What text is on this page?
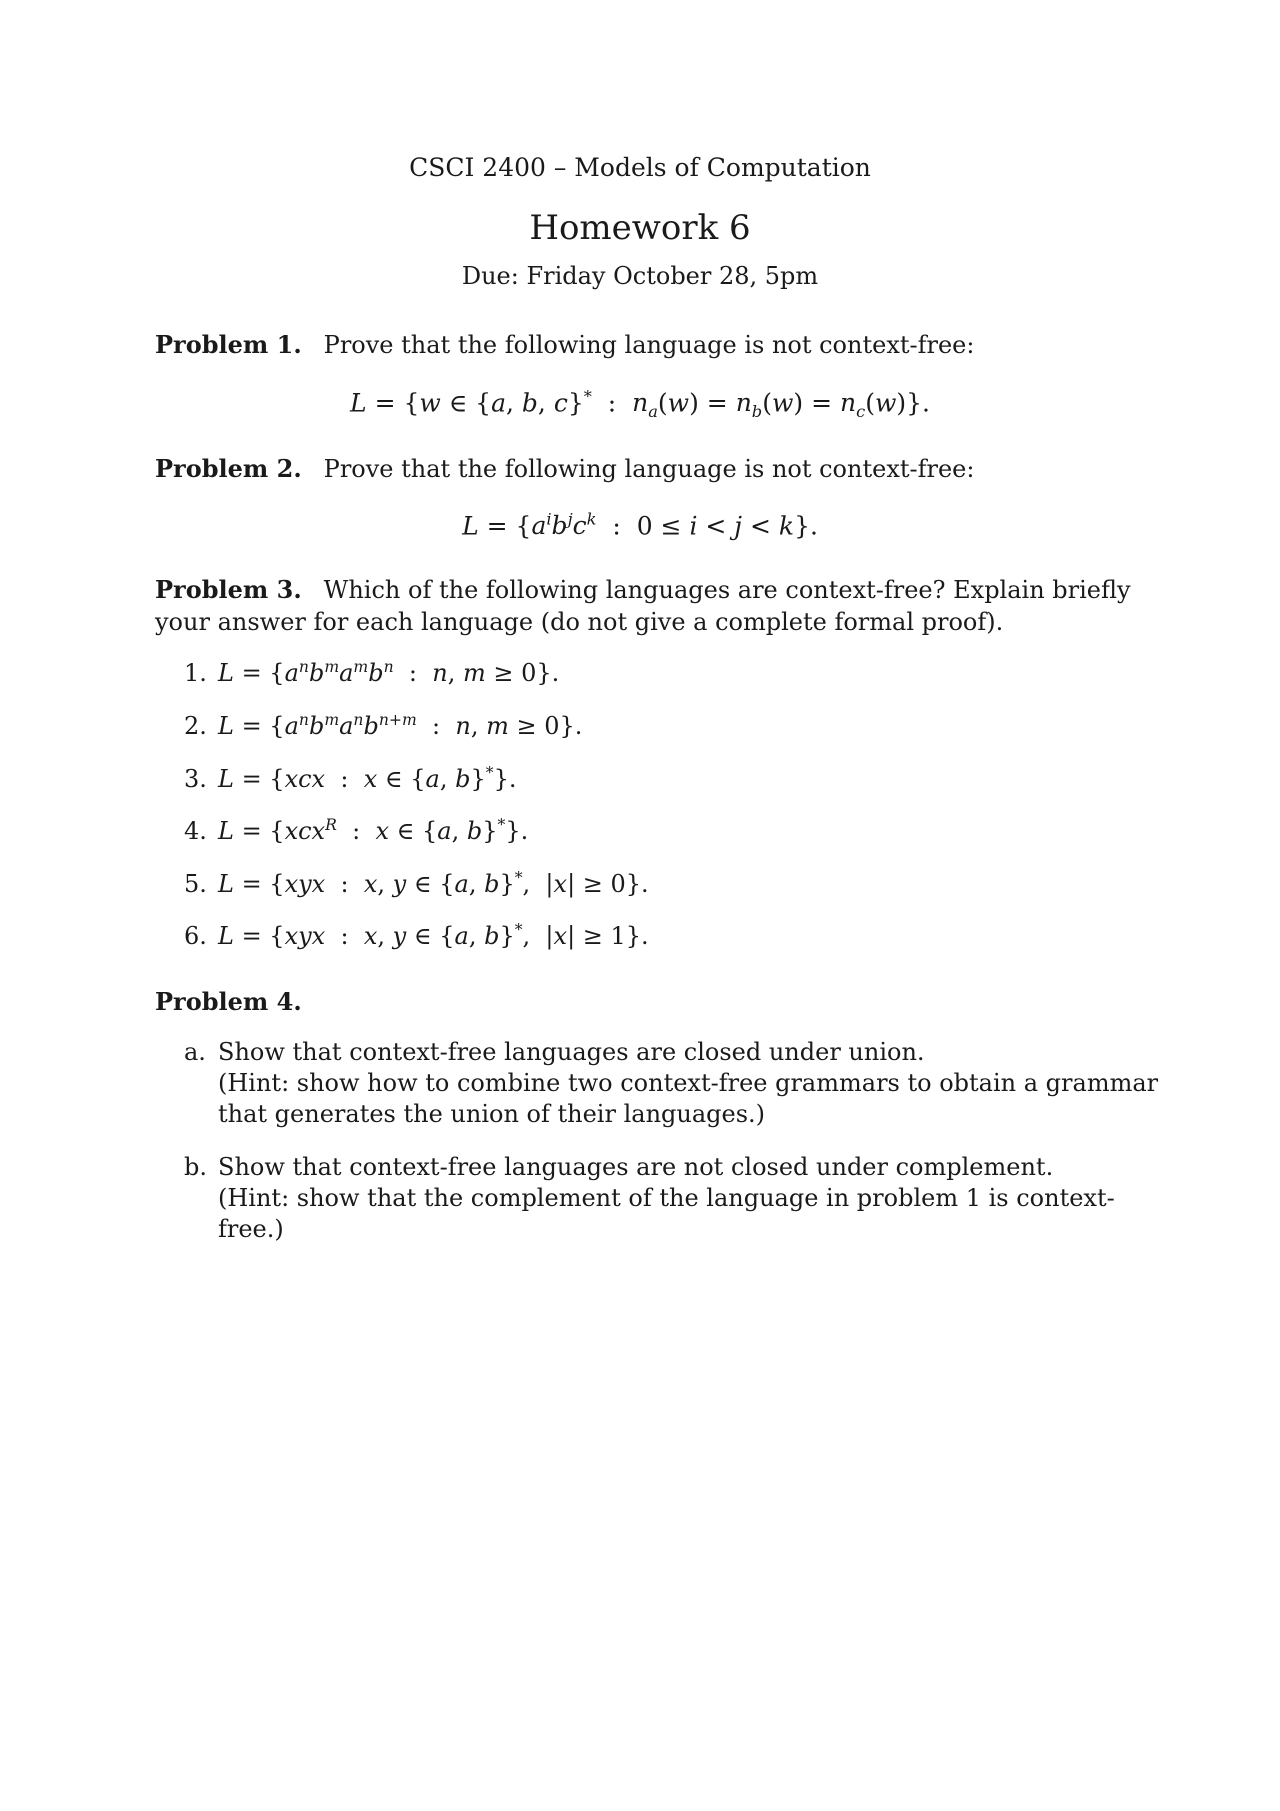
CSCI 2400 – Models of Computation
Homework 6
Due: Friday October 28, 5pm
Problem 1. Prove that the following language is not context-free:
L = {w ∈ {a, b, c}*  :  $n_a(w) = n_b(w) = n_c(w)$}.
Problem 2. Prove that the following language is not context-free:
$L = \{a^ib^jc^k$  :  0 ≤ i < j < k}.
Problem 3. Which of the following languages are context-free? Explain briefly your answer for each language (do not give a complete formal proof).
1. $L = \{a^nb^ma^mb^n$  :  n, m ≥ 0}.
2. $L = \{a^nb^ma^nb^{n+m}$  :  n, m ≥ 0}.
3. L = {xcx  :  x ∈ {a, b}*}.
4. L = {xcx$^R$  :  x ∈ {a, b}*}.
5. L = {xyx  :  x, y ∈ {a, b}*,  |x| ≥ 0}.
6. L = {xyx  :  x, y ∈ {a, b}*,  |x| ≥ 1}.
Problem 4.
a. Show that context-free languages are closed under union.
(Hint: show how to combine two context-free grammars to obtain a grammar that generates the union of their languages.)
b. Show that context-free languages are not closed under complement.
(Hint: show that the complement of the language in problem 1 is context-free.)
